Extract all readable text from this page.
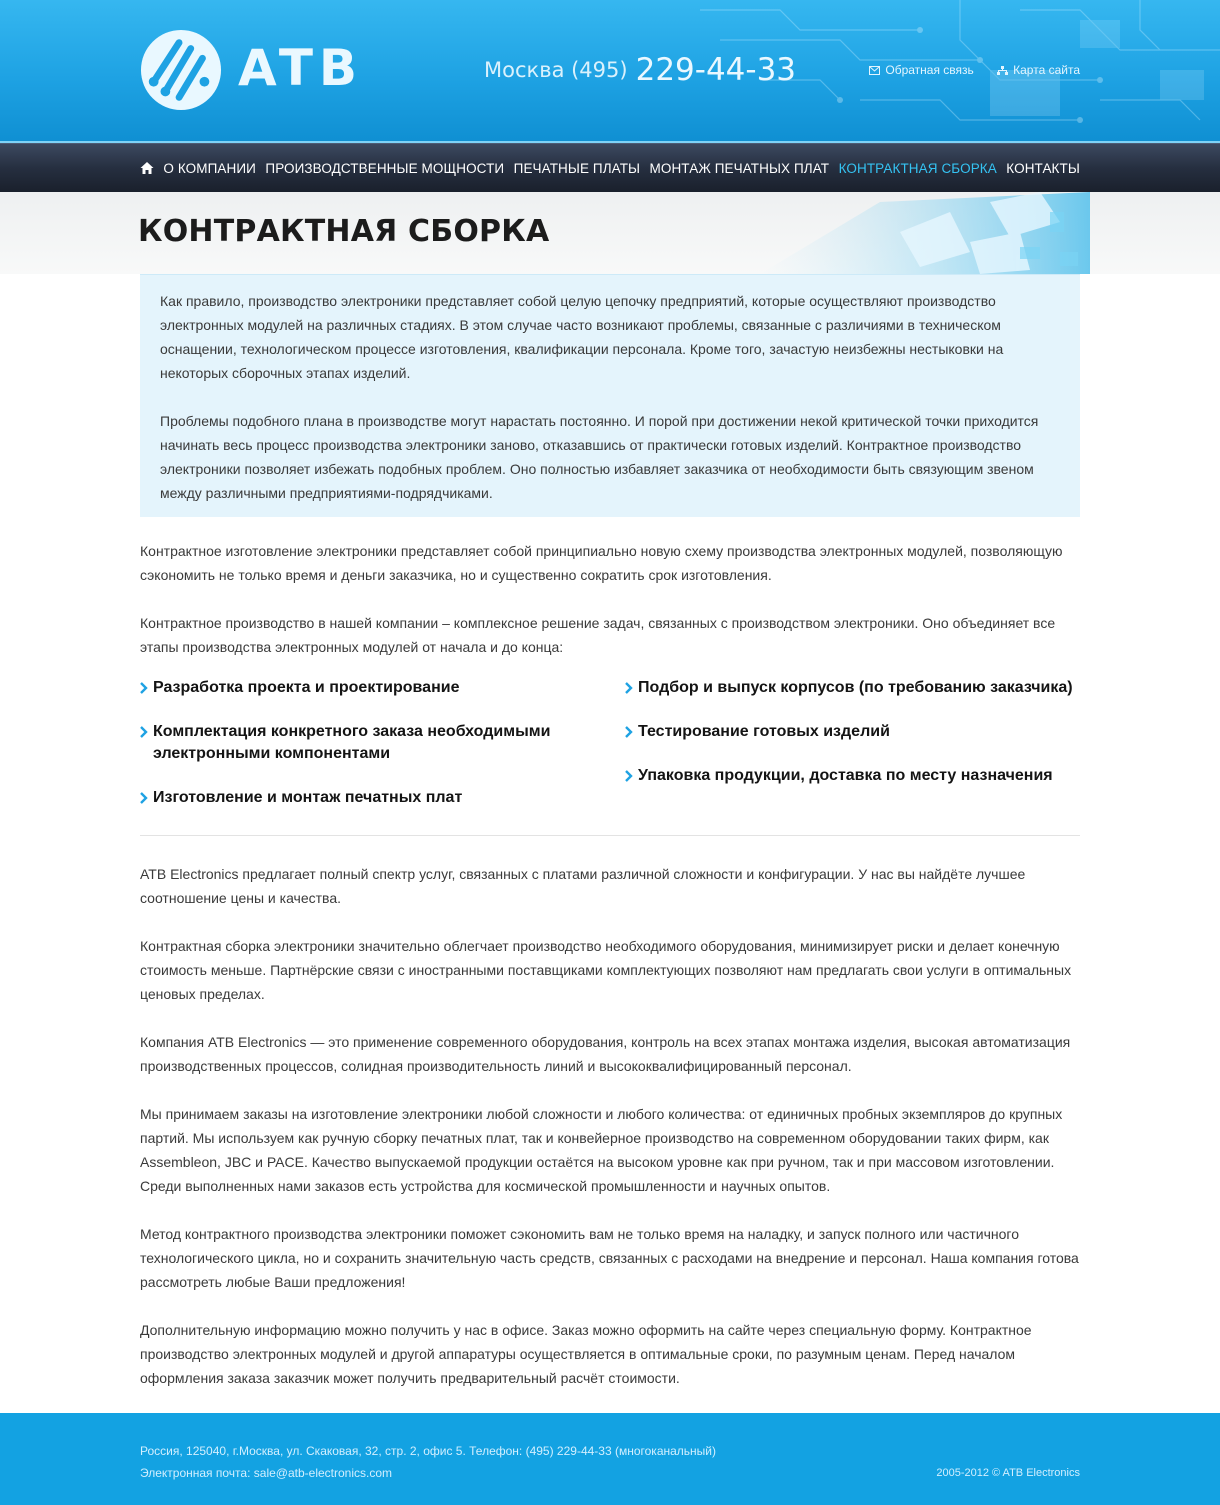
ATB	Москва (495) 229-44-33	Обратная связь	Карта сайта
О КОМПАНИИ ПРОИЗВОДСТВЕННЫЕ МОЩНОСТИ ПЕЧАТНЫЕ ПЛАТЫ МОНТАЖ ПЕЧАТНЫХ ПЛАТ КОНТРАКТНАЯ СБОРКА КОНТАКТЫ
КОНТРАКТНАЯ СБОРКА

Как правило, производство электроники представляет собой целую цепочку предприятий, которые осуществляют производство электронных модулей на различных стадиях. В этом случае часто возникают проблемы, связанные с различиями в техническом оснащении, технологическом процессе изготовления, квалификации персонала. Кроме того, зачастую неизбежны нестыковки на некоторых сборочных этапах изделий.

Проблемы подобного плана в производстве могут нарастать постоянно. И порой при достижении некой критической точки приходится начинать весь процесс производства электроники заново, отказавшись от практически готовых изделий. Контрактное производство электроники позволяет избежать подобных проблем. Оно полностью избавляет заказчика от необходимости быть связующим звеном между различными предприятиями-подрядчиками.

Контрактное изготовление электроники представляет собой принципиально новую схему производства электронных модулей, позволяющую сэкономить не только время и деньги заказчика, но и существенно сократить срок изготовления.

Контрактное производство в нашей компании – комплексное решение задач, связанных с производством электроники. Оно объединяет все этапы производства электронных модулей от начала и до конца:

Разработка проекта и проектирование
Комплектация конкретного заказа необходимыми электронными компонентами
Изготовление и монтаж печатных плат
Подбор и выпуск корпусов (по требованию заказчика)
Тестирование готовых изделий
Упаковка продукции, доставка по месту назначения

ATB Electronics предлагает полный спектр услуг, связанных с платами различной сложности и конфигурации. У нас вы найдёте лучшее соотношение цены и качества.

Контрактная сборка электроники значительно облегчает производство необходимого оборудования, минимизирует риски и делает конечную стоимость меньше. Партнёрские связи с иностранными поставщиками комплектующих позволяют нам предлагать свои услуги в оптимальных ценовых пределах.

Компания ATB Electronics — это применение современного оборудования, контроль на всех этапах монтажа изделия, высокая автоматизация производственных процессов, солидная производительность линий и высококвалифицированный персонал.

Мы принимаем заказы на изготовление электроники любой сложности и любого количества: от единичных пробных экземпляров до крупных партий. Мы используем как ручную сборку печатных плат, так и конвейерное производство на современном оборудовании таких фирм, как Assembleon, JBC и PACE. Качество выпускаемой продукции остаётся на высоком уровне как при ручном, так и при массовом изготовлении. Среди выполненных нами заказов есть устройства для космической промышленности и научных опытов.

Метод контрактного производства электроники поможет сэкономить вам не только время на наладку, и запуск полного или частичного технологического цикла, но и сохранить значительную часть средств, связанных с расходами на внедрение и персонал. Наша компания готова рассмотреть любые Ваши предложения!

Дополнительную информацию можно получить у нас в офисе. Заказ можно оформить на сайте через специальную форму. Контрактное производство электронных модулей и другой аппаратуры осуществляется в оптимальные сроки, по разумным ценам. Перед началом оформления заказа заказчик может получить предварительный расчёт стоимости.

Россия, 125040, г.Москва, ул. Скаковая, 32, стр. 2, офис 5. Телефон: (495) 229-44-33 (многоканальный)
Электронная почта: sale@atb-electronics.com	2005-2012 © ATB Electronics
